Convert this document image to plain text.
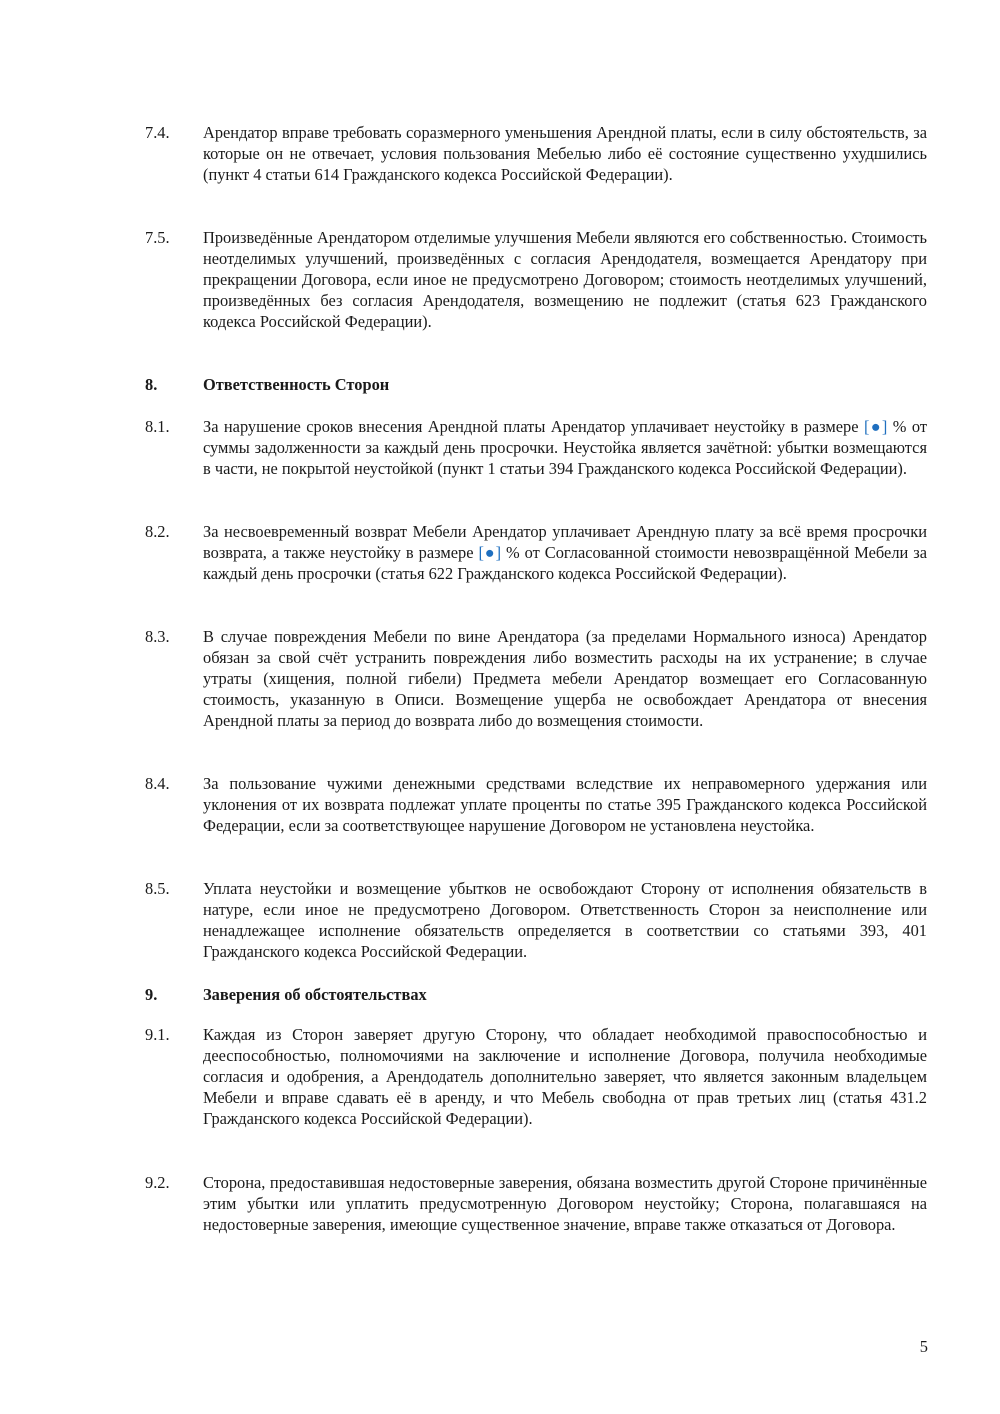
7.4. Арендатор вправе требовать соразмерного уменьшения Арендной платы, если в силу обстоятельств, за которые он не отвечает, условия пользования Мебелью либо её состояние существенно ухудшились (пункт 4 статьи 614 Гражданского кодекса Российской Федерации).
7.5. Произведённые Арендатором отделимые улучшения Мебели являются его собственностью. Стоимость неотделимых улучшений, произведённых с согласия Арендодателя, возмещается Арендатору при прекращении Договора, если иное не предусмотрено Договором; стоимость неотделимых улучшений, произведённых без согласия Арендодателя, возмещению не подлежит (статья 623 Гражданского кодекса Российской Федерации).
8.	Ответственность Сторон
8.1. За нарушение сроков внесения Арендной платы Арендатор уплачивает неустойку в размере [●] % от суммы задолженности за каждый день просрочки. Неустойка является зачётной: убытки возмещаются в части, не покрытой неустойкой (пункт 1 статьи 394 Гражданского кодекса Российской Федерации).
8.2. За несвоевременный возврат Мебели Арендатор уплачивает Арендную плату за всё время просрочки возврата, а также неустойку в размере [●] % от Согласованной стоимости невозвращённой Мебели за каждый день просрочки (статья 622 Гражданского кодекса Российской Федерации).
8.3. В случае повреждения Мебели по вине Арендатора (за пределами Нормального износа) Арендатор обязан за свой счёт устранить повреждения либо возместить расходы на их устранение; в случае утраты (хищения, полной гибели) Предмета мебели Арендатор возмещает его Согласованную стоимость, указанную в Описи. Возмещение ущерба не освобождает Арендатора от внесения Арендной платы за период до возврата либо до возмещения стоимости.
8.4. За пользование чужими денежными средствами вследствие их неправомерного удержания или уклонения от их возврата подлежат уплате проценты по статье 395 Гражданского кодекса Российской Федерации, если за соответствующее нарушение Договором не установлена неустойка.
8.5. Уплата неустойки и возмещение убытков не освобождают Сторону от исполнения обязательств в натуре, если иное не предусмотрено Договором. Ответственность Сторон за неисполнение или ненадлежащее исполнение обязательств определяется в соответствии со статьями 393, 401 Гражданского кодекса Российской Федерации.
9.	Заверения об обстоятельствах
9.1. Каждая из Сторон заверяет другую Сторону, что обладает необходимой правоспособностью и дееспособностью, полномочиями на заключение и исполнение Договора, получила необходимые согласия и одобрения, а Арендодатель дополнительно заверяет, что является законным владельцем Мебели и вправе сдавать её в аренду, и что Мебель свободна от прав третьих лиц (статья 431.2 Гражданского кодекса Российской Федерации).
9.2. Сторона, предоставившая недостоверные заверения, обязана возместить другой Стороне причинённые этим убытки или уплатить предусмотренную Договором неустойку; Сторона, полагавшаяся на недостоверные заверения, имеющие существенное значение, вправе также отказаться от Договора.
5
